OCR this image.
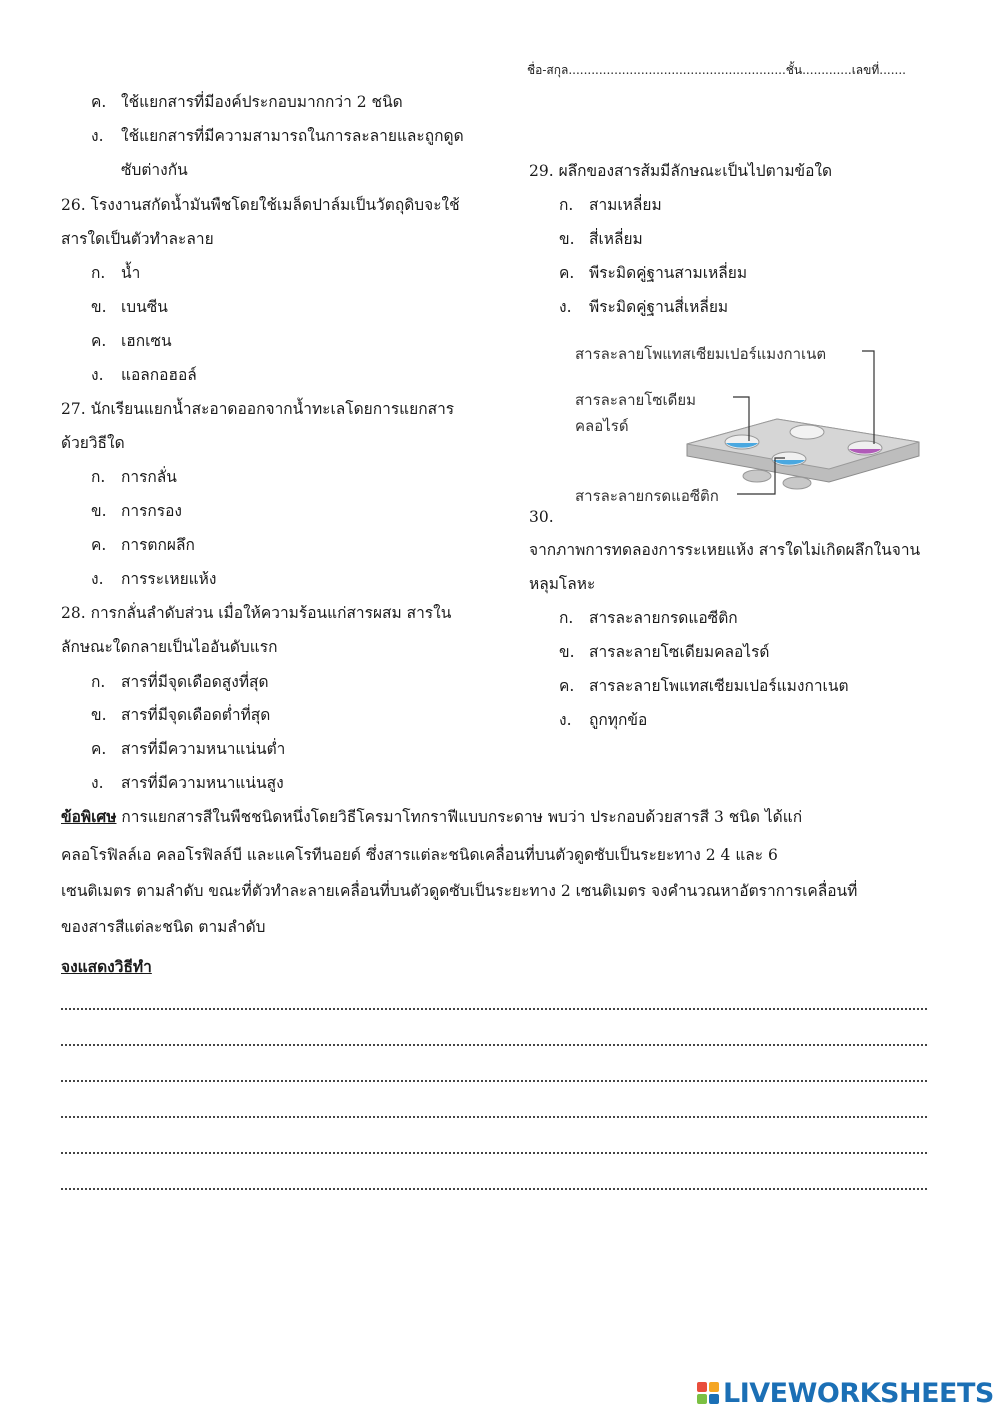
ชื่อ-สกุล.........................................................ชั้น.............เลขที่.......
ค. ใช้แยกสารที่มีองค์ประกอบมากกว่า 2 ชนิด
ง. ใช้แยกสารที่มีความสามารถในการละลายและถูกดูด
ซับต่างกัน
26. โรงงานสกัดน้ำมันพืชโดยใช้เมล็ดปาล์มเป็นวัตถุดิบจะใช้
สารใดเป็นตัวทำละลาย
ก. น้ำ
ข. เบนซีน
ค. เฮกเซน
ง. แอลกอฮอล์
27. นักเรียนแยกน้ำสะอาดออกจากน้ำทะเลโดยการแยกสาร
ด้วยวิธีใด
ก. การกลั่น
ข. การกรอง
ค. การตกผลึก
ง. การระเหยแห้ง
28. การกลั่นลำดับส่วน เมื่อให้ความร้อนแก่สารผสม สารใน
ลักษณะใดกลายเป็นไออันดับแรก
ก. สารที่มีจุดเดือดสูงที่สุด
ข. สารที่มีจุดเดือดต่ำที่สุด
ค. สารที่มีความหนาแน่นต่ำ
ง. สารที่มีความหนาแน่นสูง
29. ผลึกของสารส้มมีลักษณะเป็นไปตามข้อใด
ก. สามเหลี่ยม
ข. สี่เหลี่ยม
ค. พีระมิดคู่ฐานสามเหลี่ยม
ง. พีระมิดคู่ฐานสี่เหลี่ยม
30.
จากภาพการทดลองการระเหยแห้ง สารใดไม่เกิดผลึกในจาน
หลุมโลหะ
ก. สารละลายกรดแอซีติก
ข. สารละลายโซเดียมคลอไรด์
ค. สารละลายโพแทสเซียมเปอร์แมงกาเนต
ง. ถูกทุกข้อ
สารละลายโพแทสเซียมเปอร์แมงกาเนต
สารละลายโซเดียม
คลอไรด์
สารละลายกรดแอซีติก
ข้อพิเศษ การแยกสารสีในพืชชนิดหนึ่งโดยวิธีโครมาโทกราฟีแบบกระดาษ พบว่า ประกอบด้วยสารสี 3 ชนิด ได้แก่
คลอโรฟิลล์เอ คลอโรฟิลล์บี และแคโรทีนอยด์ ซึ่งสารแต่ละชนิดเคลื่อนที่บนตัวดูดซับเป็นระยะทาง 2 4 และ 6
เซนติเมตร ตามลำดับ ขณะที่ตัวทำละลายเคลื่อนที่บนตัวดูดซับเป็นระยะทาง 2 เซนติเมตร จงคำนวณหาอัตราการเคลื่อนที่
ของสารสีแต่ละชนิด ตามลำดับ
จงแสดงวิธีทำ
LIVEWORKSHEETS
